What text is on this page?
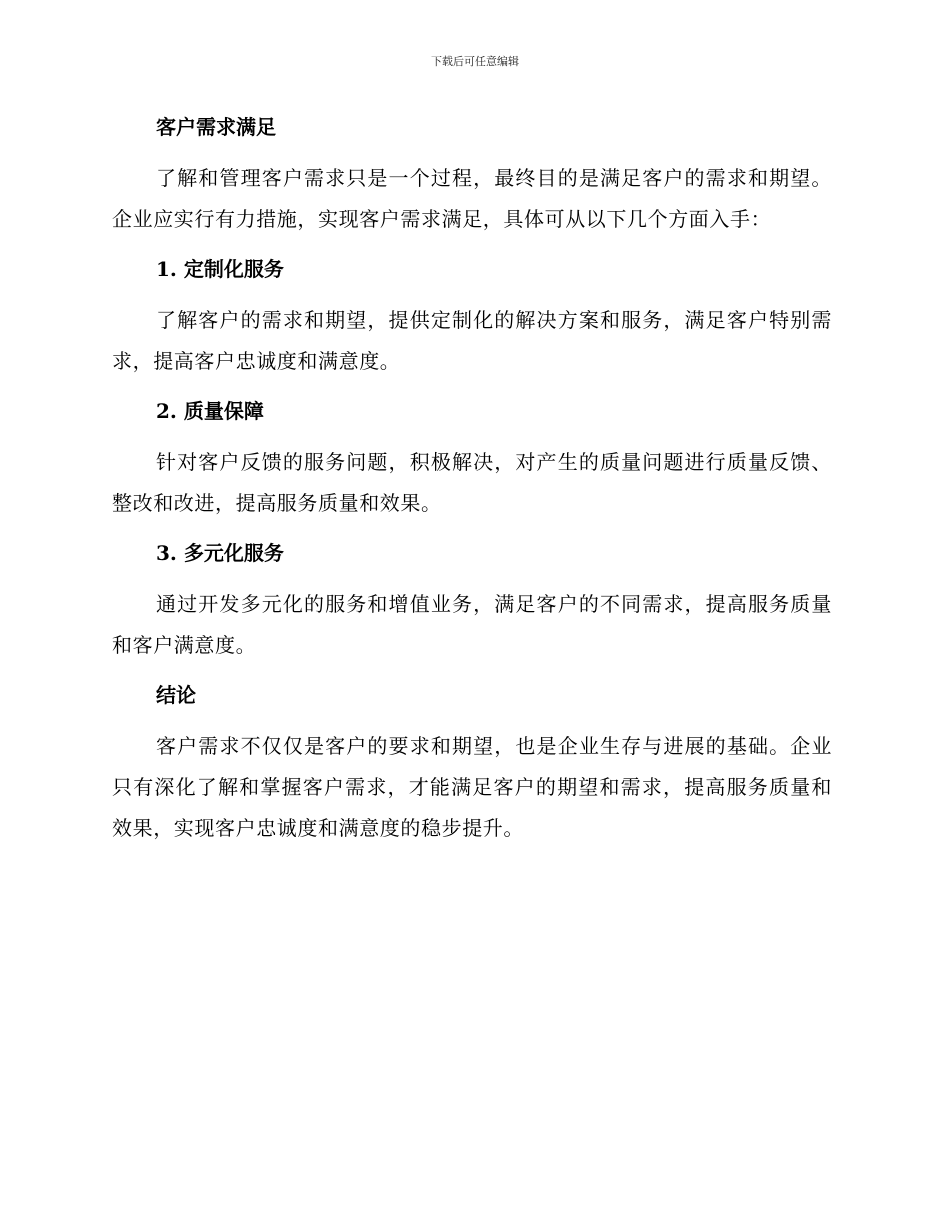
下载后可任意编辑
客户需求满足

了解和管理客户需求只是一个过程，最终目的是满足客户的需求和期望。企业应实行有力措施，实现客户需求满足，具体可从以下几个方面入手：

1. 定制化服务

了解客户的需求和期望，提供定制化的解决方案和服务，满足客户特别需求，提高客户忠诚度和满意度。

2. 质量保障

针对客户反馈的服务问题，积极解决，对产生的质量问题进行质量反馈、整改和改进，提高服务质量和效果。

3. 多元化服务

通过开发多元化的服务和增值业务，满足客户的不同需求，提高服务质量和客户满意度。

结论

客户需求不仅仅是客户的要求和期望，也是企业生存与进展的基础。企业只有深化了解和掌握客户需求，才能满足客户的期望和需求，提高服务质量和效果，实现客户忠诚度和满意度的稳步提升。
